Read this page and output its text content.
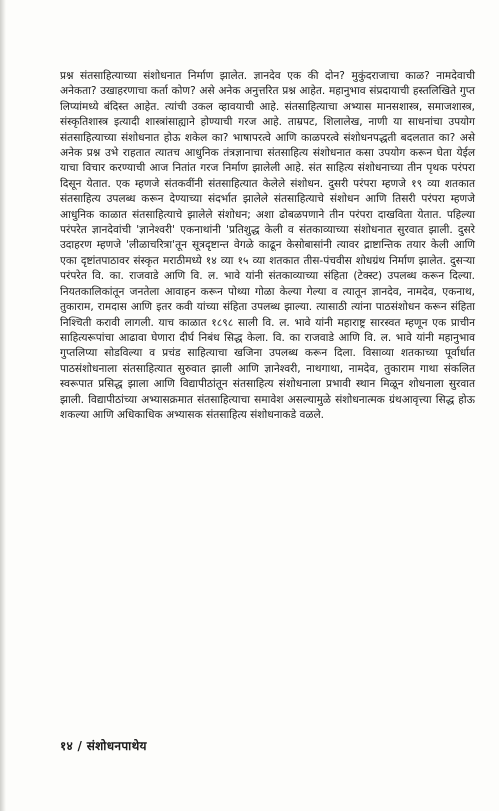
प्रश्न संतसाहित्याच्या संशोधनात निर्माण झालेत. ज्ञानदेव एक की दोन? मुकुंदराजाचा काळ? नामदेवाची अनेकता? उखाहरणाचा कर्ता कोण? असे अनेक अनुत्तरित प्रश्न आहेत. महानुभाव संप्रदायाची हस्तलिखिते गुप्त लिप्यांमध्ये बंदिस्त आहेत. त्यांची उकल व्हावयाची आहे. संतसाहित्याचा अभ्यास मानसशास्त्र, समाजशास्त्र, संस्कृतिशास्त्र इत्यादी शास्त्रांसाह्याने होण्याची गरज आहे. ताम्रपट, शिलालेख, नाणी या साधनांचा उपयोग संतसाहित्याच्या संशोधनात होऊ शकेल का? भाषापरत्वे आणि काळपरत्वे संशोधनपद्धती बदलतात का? असे अनेक प्रश्न उभे राहतात त्यातच आधुनिक तंत्रज्ञानाचा संतसाहित्य संशोधनात कसा उपयोग करून घेता येईल याचा विचार करण्याची आज नितांत गरज निर्माण झालेली आहे. संत साहित्य संशोधनाच्या तीन पृथक परंपरा दिसून येतात. एक म्हणजे संतकवींनी संतसाहित्यात केलेले संशोधन. दुसरी परंपरा म्हणजे १९ व्या शतकात संतसाहित्य उपलब्ध करून देण्याच्या संदर्भात झालेले संतसाहित्याचे संशोधन आणि तिसरी परंपरा म्हणजे आधुनिक काळात संतसाहित्याचे झालेले संशोधन; अशा ढोबळपणाने तीन परंपरा दाखविता येतात. पहिल्या परंपरेत ज्ञानदेवांची 'ज्ञानेश्वरी' एकनाथांनी 'प्रतिशुद्ध केली व संतकाव्याच्या संशोधनात सुरवात झाली. दुसरे उदाहरण म्हणजे 'लीळाचरित्रा'तून सूत्रदृष्टान्त वेगळे काढून केसोबासांनी त्यावर द्राष्टान्तिक तयार केली आणि एका दृष्टांतपाठावर संस्कृत मराठीमध्ये १४ व्या १५ व्या शतकात तीस-पंचवीस शोधग्रंथ निर्माण झालेत. दुसऱ्या परंपरेत वि. का. राजवाडे आणि वि. ल. भावे यांनी संतकाव्याच्या संहिता (टेक्स्ट) उपलब्ध करून दिल्या. नियतकालिकांतून जनतेला आवाहन करून पोथ्या गोळा केल्या गेल्या व त्यातून ज्ञानदेव, नामदेव, एकनाथ, तुकाराम, रामदास आणि इतर कवी यांच्या संहिता उपलब्ध झाल्या. त्यासाठी त्यांना पाठसंशोधन करून संहिता निश्चिती करावी लागली. याच काळात १८९८ साली वि. ल. भावे यांनी महाराष्ट्र सारस्वत म्हणून एक प्राचीन साहित्यरूपांचा आढावा घेणारा दीर्घ निबंध सिद्ध केला. वि. का राजवाडे आणि वि. ल. भावे यांनी महानुभाव गुप्तलिप्या सोडविल्या व प्रचंड साहित्याचा खजिना उपलब्ध करून दिला. विसाव्या शतकाच्या पूर्वार्धात पाठसंशोधनाला संतसाहित्यात सुरुवात झाली आणि ज्ञानेश्वरी, नाथगाथा, नामदेव, तुकाराम गाथा संकलित स्वरूपात प्रसिद्ध झाला आणि विद्यापीठांतून संतसाहित्य संशोधनाला प्रभावी स्थान मिळून शोधनाला सुरवात झाली. विद्यापीठांच्या अभ्यासक्रमात संतसाहित्याचा समावेश असल्यामुळे संशोधनात्मक ग्रंथआवृत्त्या सिद्ध होऊ शकल्या आणि अधिकाधिक अभ्यासक संतसाहित्य संशोधनाकडे वळले.

१४ / संशोधनपाथेय
